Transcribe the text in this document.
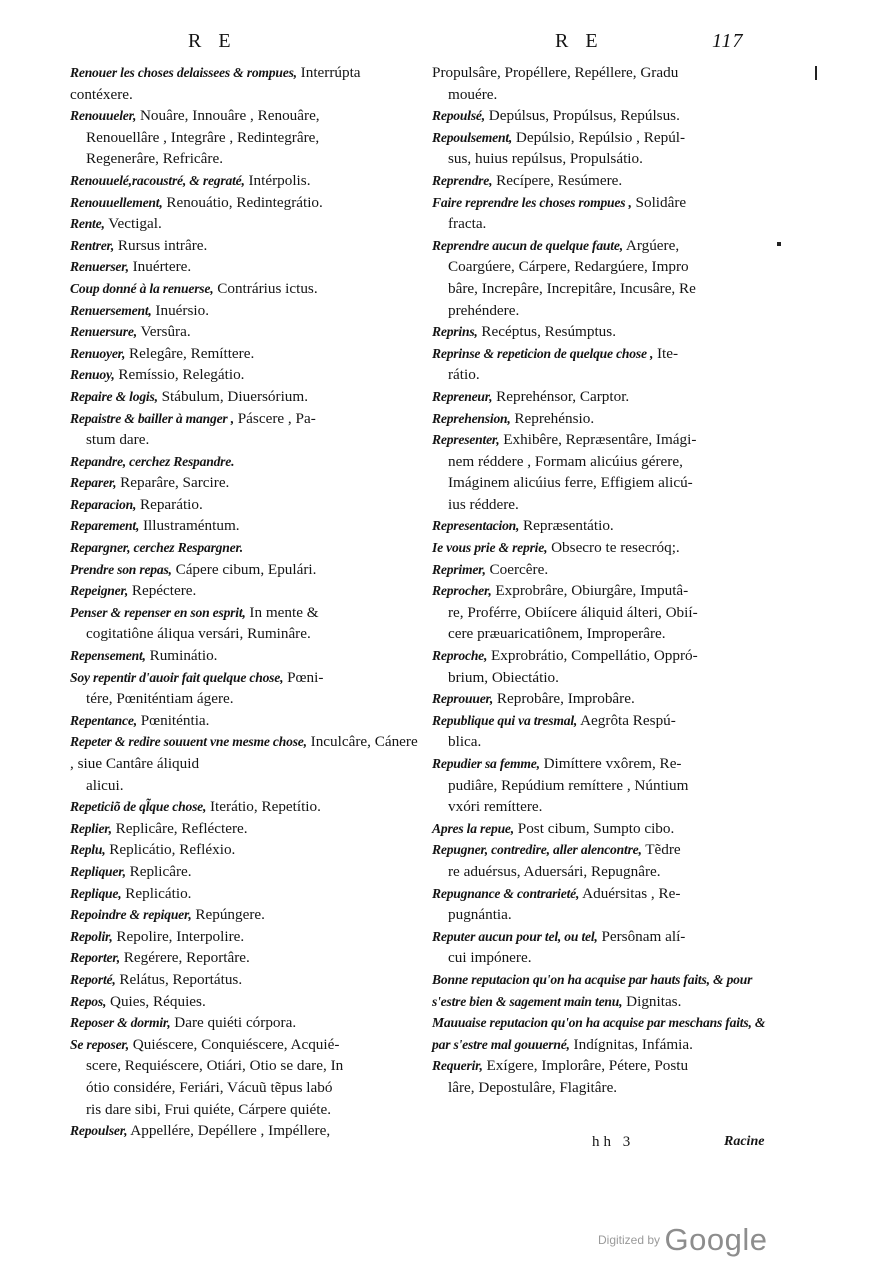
R E	R E	117
Renouer les choses delaissees & rompues, Interrúpta contéxere.
Renouueler, Nouâre, Innouâre , Renouâre,
Renouellâre , Integrâre , Redintegrâre,
Regenerâre, Refricâre.
Renouuelé,racoustré, & regraté, Intérpolis.
Renouuellement, Renouátio, Redintegrátio.
Rente, Vectigal.
Rentrer, Rursus intrâre.
Renuerser, Inuértere.
Coup donné à la renuerse, Contrárius ictus.
Renuersement, Inuérsio.
Renuersure, Versûra.
Renuoyer, Relegâre, Remíttere.
Renuoy, Remíssio, Relegátio.
Repaire & logis, Stábulum, Diuersórium.
Repaistre & bailler à manger , Páscere , Pa-
stum dare.
Repandre, cerchez Respandre.
Reparer, Reparâre, Sarcire.
Reparacion, Reparátio.
Reparement, Illustraméntum.
Repargner, cerchez Respargner.
Prendre son repas, Cápere cibum, Epulári.
Repeigner, Repéctere.
Penser & repenser en son esprit, In mente &
cogitatiône áliqua versári, Ruminâre.
Repensement, Ruminátio.
Soy repentir d'auoir fait quelque chose, Pœni-
tére, Pœniténtiam ágere.
Repentance, Pœniténtia.
Repeter & redire souuent vne mesme chose, Inculcâre, Cánere , siue Cantâre áliquid
alicui.
Repeticiõ de ql̃que chose, Iterátio, Repetítio.
Replier, Replicâre, Refléctere.
Replu, Replicátio, Refléxio.
Repliquer, Replicâre.
Replique, Replicátio.
Repoindre & repiquer, Repúngere.
Repolir, Repolire, Interpolire.
Reporter, Regérere, Reportâre.
Reporté, Relátus, Reportátus.
Repos, Quies, Réquies.
Reposer & dormir, Dare quiéti córpora.
Se reposer, Quiéscere, Conquiéscere, Acquié-
scere, Requiéscere, Otiári, Otio se dare, In
ótio considére, Feriári, Vácuũ tẽpus labó
ris dare sibi, Frui quiéte, Cárpere quiéte.
Repoulser, Appellére, Depéllere , Impéllere,
Propulsâre, Propéllere, Repéllere, Gradu
mouére.
Repoulsé, Depúlsus, Propúlsus, Repúlsus.
Repoulsement, Depúlsio, Repúlsio , Repúl-
sus, huius repúlsus, Propulsátio.
Reprendre, Recípere, Resúmere.
Faire reprendre les choses rompues , Solidâre
fracta.
Reprendre aucun de quelque faute, Argúere,
Coargúere, Cárpere, Redargúere, Impro
bâre, Increpâre, Increpitâre, Incusâre, Re
prehéndere.
Reprins, Recéptus, Resúmptus.
Reprinse & repeticion de quelque chose , Ite-
rátio.
Repreneur, Reprehénsor, Carptor.
Reprehension, Reprehénsio.
Representer, Exhibêre, Repræsentâre, Imági-
nem réddere , Formam alicúius gérere,
Imáginem alicúius ferre, Effigiem alicú-
ius réddere.
Representacion, Repræsentátio.
Ie vous prie & reprie, Obsecro te resecróq;.
Reprimer, Coercêre.
Reprocher, Exprobrâre, Obiurgâre, Imputâ-
re, Proférre, Obiícere áliquid álteri, Obií-
cere præuaricatiônem, Improperâre.
Reproche, Exprobrátio, Compellátio, Oppró-
brium, Obiectátio.
Reprouuer, Reprobâre, Improbâre.
Republique qui va tresmal, Aegrôta Respú-
blica.
Repudier sa femme, Dimíttere vxôrem, Re-
pudiâre, Repúdium remíttere , Núntium
vxóri remíttere.
Apres la repue, Post cibum, Sumpto cibo.
Repugner, contredire, aller alencontre, Tẽdre
re aduérsus, Aduersári, Repugnâre.
Repugnance & contrarieté, Aduérsitas , Re-
pugnántia.
Reputer aucun pour tel, ou tel, Persônam alí-
cui impónere.
Bonne reputacion qu'on ha acquise par hauts faits, & pour s'estre bien & sagement main tenu, Dignitas.
Mauuaise reputacion qu'on ha acquise par meschans faits, & par s'estre mal gouuerné, Indígnitas, Infámia.
Requerir, Exígere, Implorâre, Pétere, Postu
lâre, Depostulâre, Flagitâre.
hh 3	Racine
Digitized by Google
